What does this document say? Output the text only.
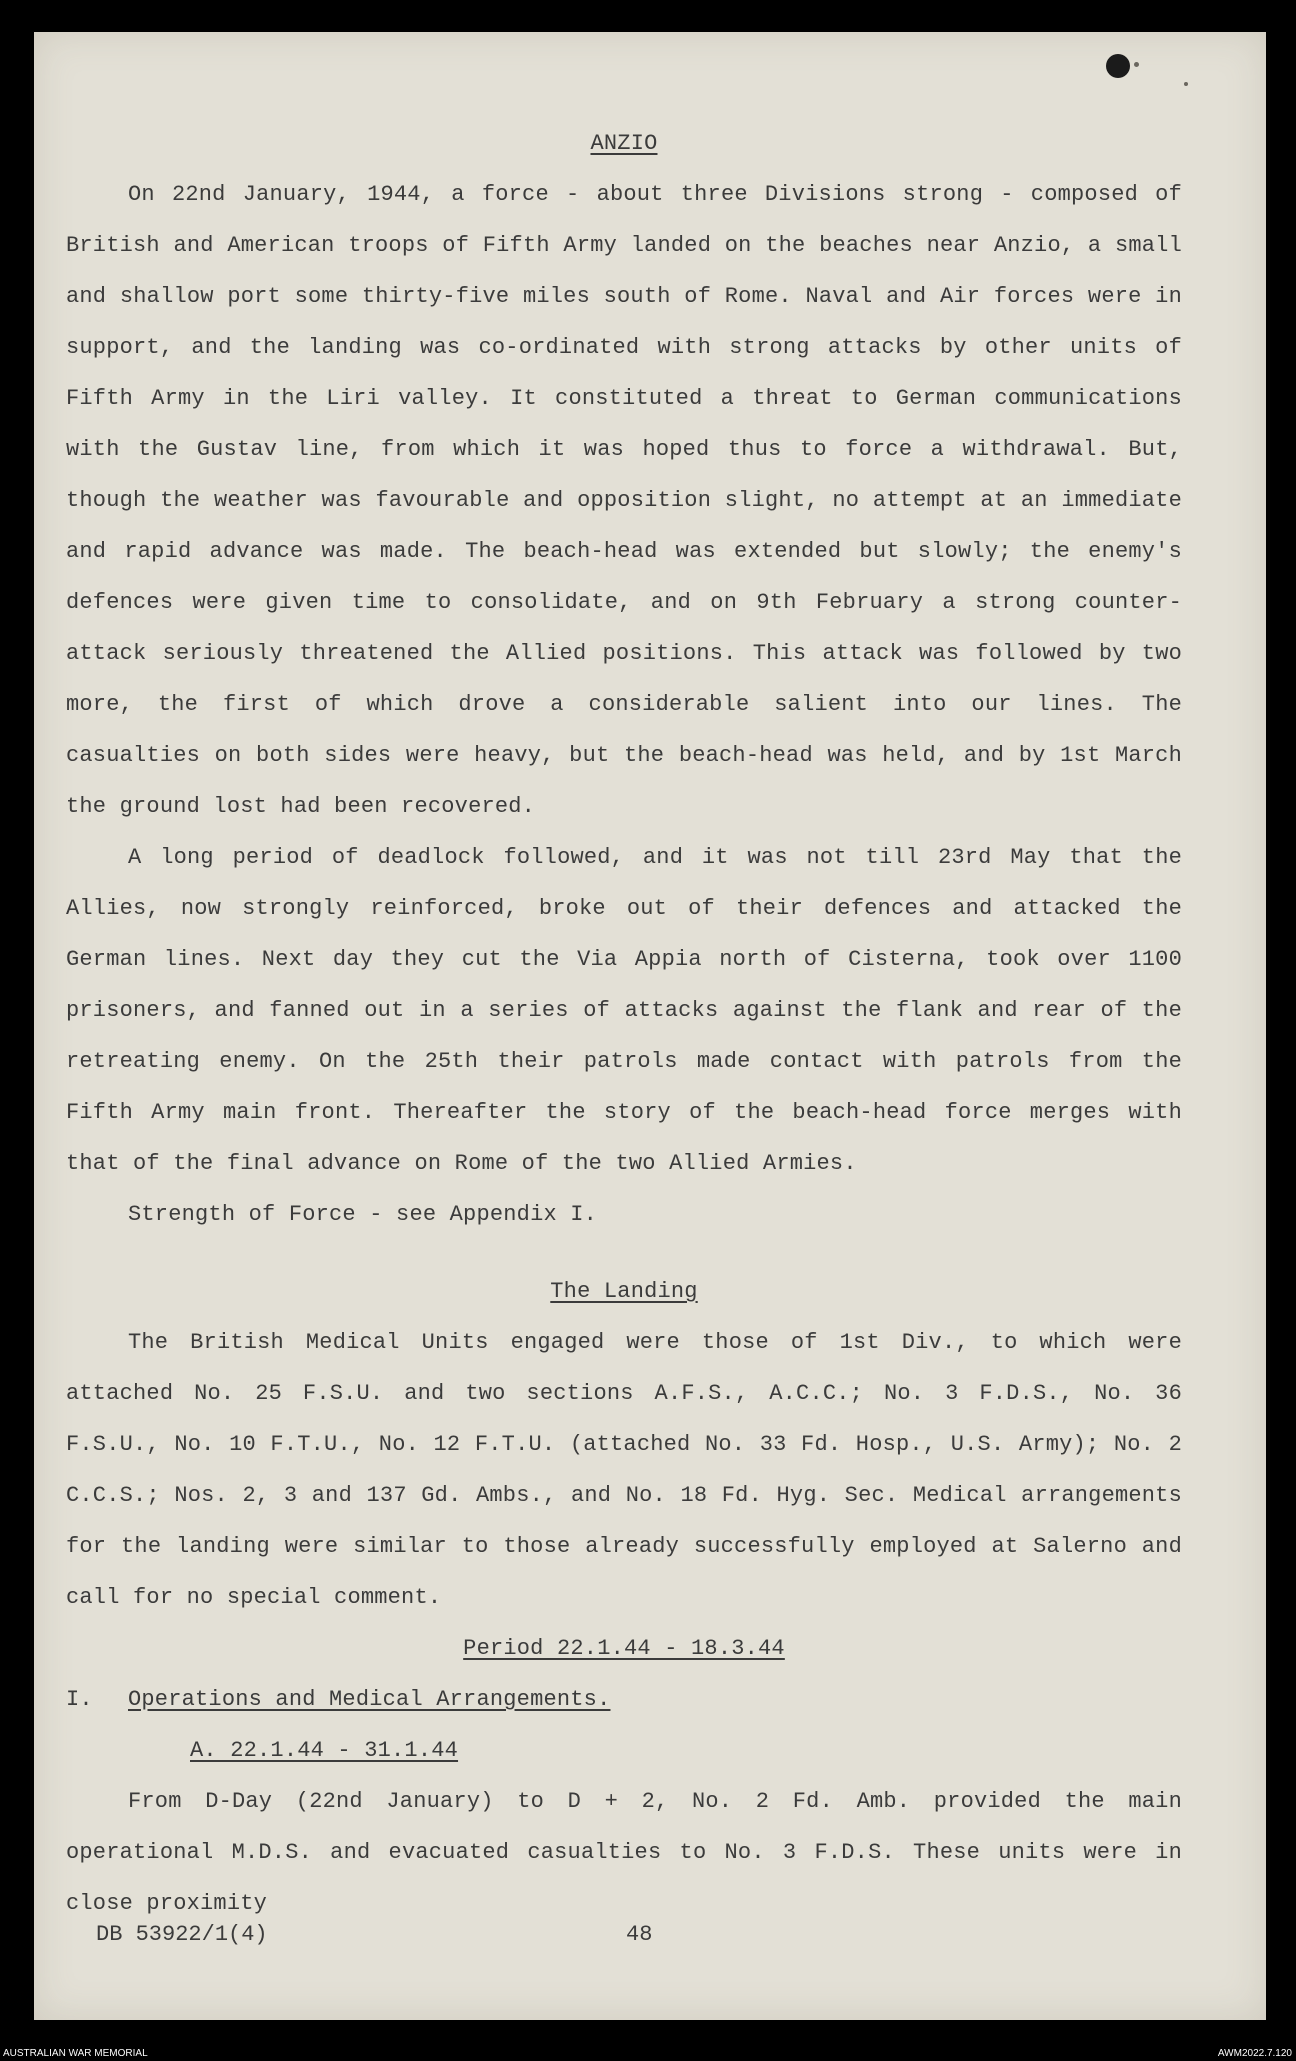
ANZIO

On 22nd January, 1944, a force - about three Divisions strong - composed of British and American troops of Fifth Army landed on the beaches near Anzio, a small and shallow port some thirty-five miles south of Rome. Naval and Air forces were in support, and the landing was co-ordinated with strong attacks by other units of Fifth Army in the Liri valley. It constituted a threat to German communications with the Gustav line, from which it was hoped thus to force a withdrawal. But, though the weather was favourable and opposition slight, no attempt at an immediate and rapid advance was made. The beach-head was extended but slowly; the enemy's defences were given time to consolidate, and on 9th February a strong counter-attack seriously threatened the Allied positions. This attack was followed by two more, the first of which drove a considerable salient into our lines. The casualties on both sides were heavy, but the beach-head was held, and by 1st March the ground lost had been recovered.

A long period of deadlock followed, and it was not till 23rd May that the Allies, now strongly reinforced, broke out of their defences and attacked the German lines. Next day they cut the Via Appia north of Cisterna, took over 1100 prisoners, and fanned out in a series of attacks against the flank and rear of the retreating enemy. On the 25th their patrols made contact with patrols from the Fifth Army main front. Thereafter the story of the beach-head force merges with that of the final advance on Rome of the two Allied Armies.

Strength of Force - see Appendix I.

The Landing

The British Medical Units engaged were those of 1st Div., to which were attached No. 25 F.S.U. and two sections A.F.S., A.C.C.; No. 3 F.D.S., No. 36 F.S.U., No. 10 F.T.U., No. 12 F.T.U. (attached No. 33 Fd. Hosp., U.S. Army); No. 2 C.C.S.; Nos. 2, 3 and 137 Gd. Ambs., and No. 18 Fd. Hyg. Sec. Medical arrangements for the landing were similar to those already successfully employed at Salerno and call for no special comment.

Period 22.1.44 - 18.3.44

I.	Operations and Medical Arrangements.

A. 22.1.44 - 31.1.44

From D-Day (22nd January) to D + 2, No. 2 Fd. Amb. provided the main operational M.D.S. and evacuated casualties to No. 3 F.D.S. These units were in close proximity

DB 53922/1(4)	48
AUSTRALIAN WAR MEMORIAL	AWM2022.7.120
